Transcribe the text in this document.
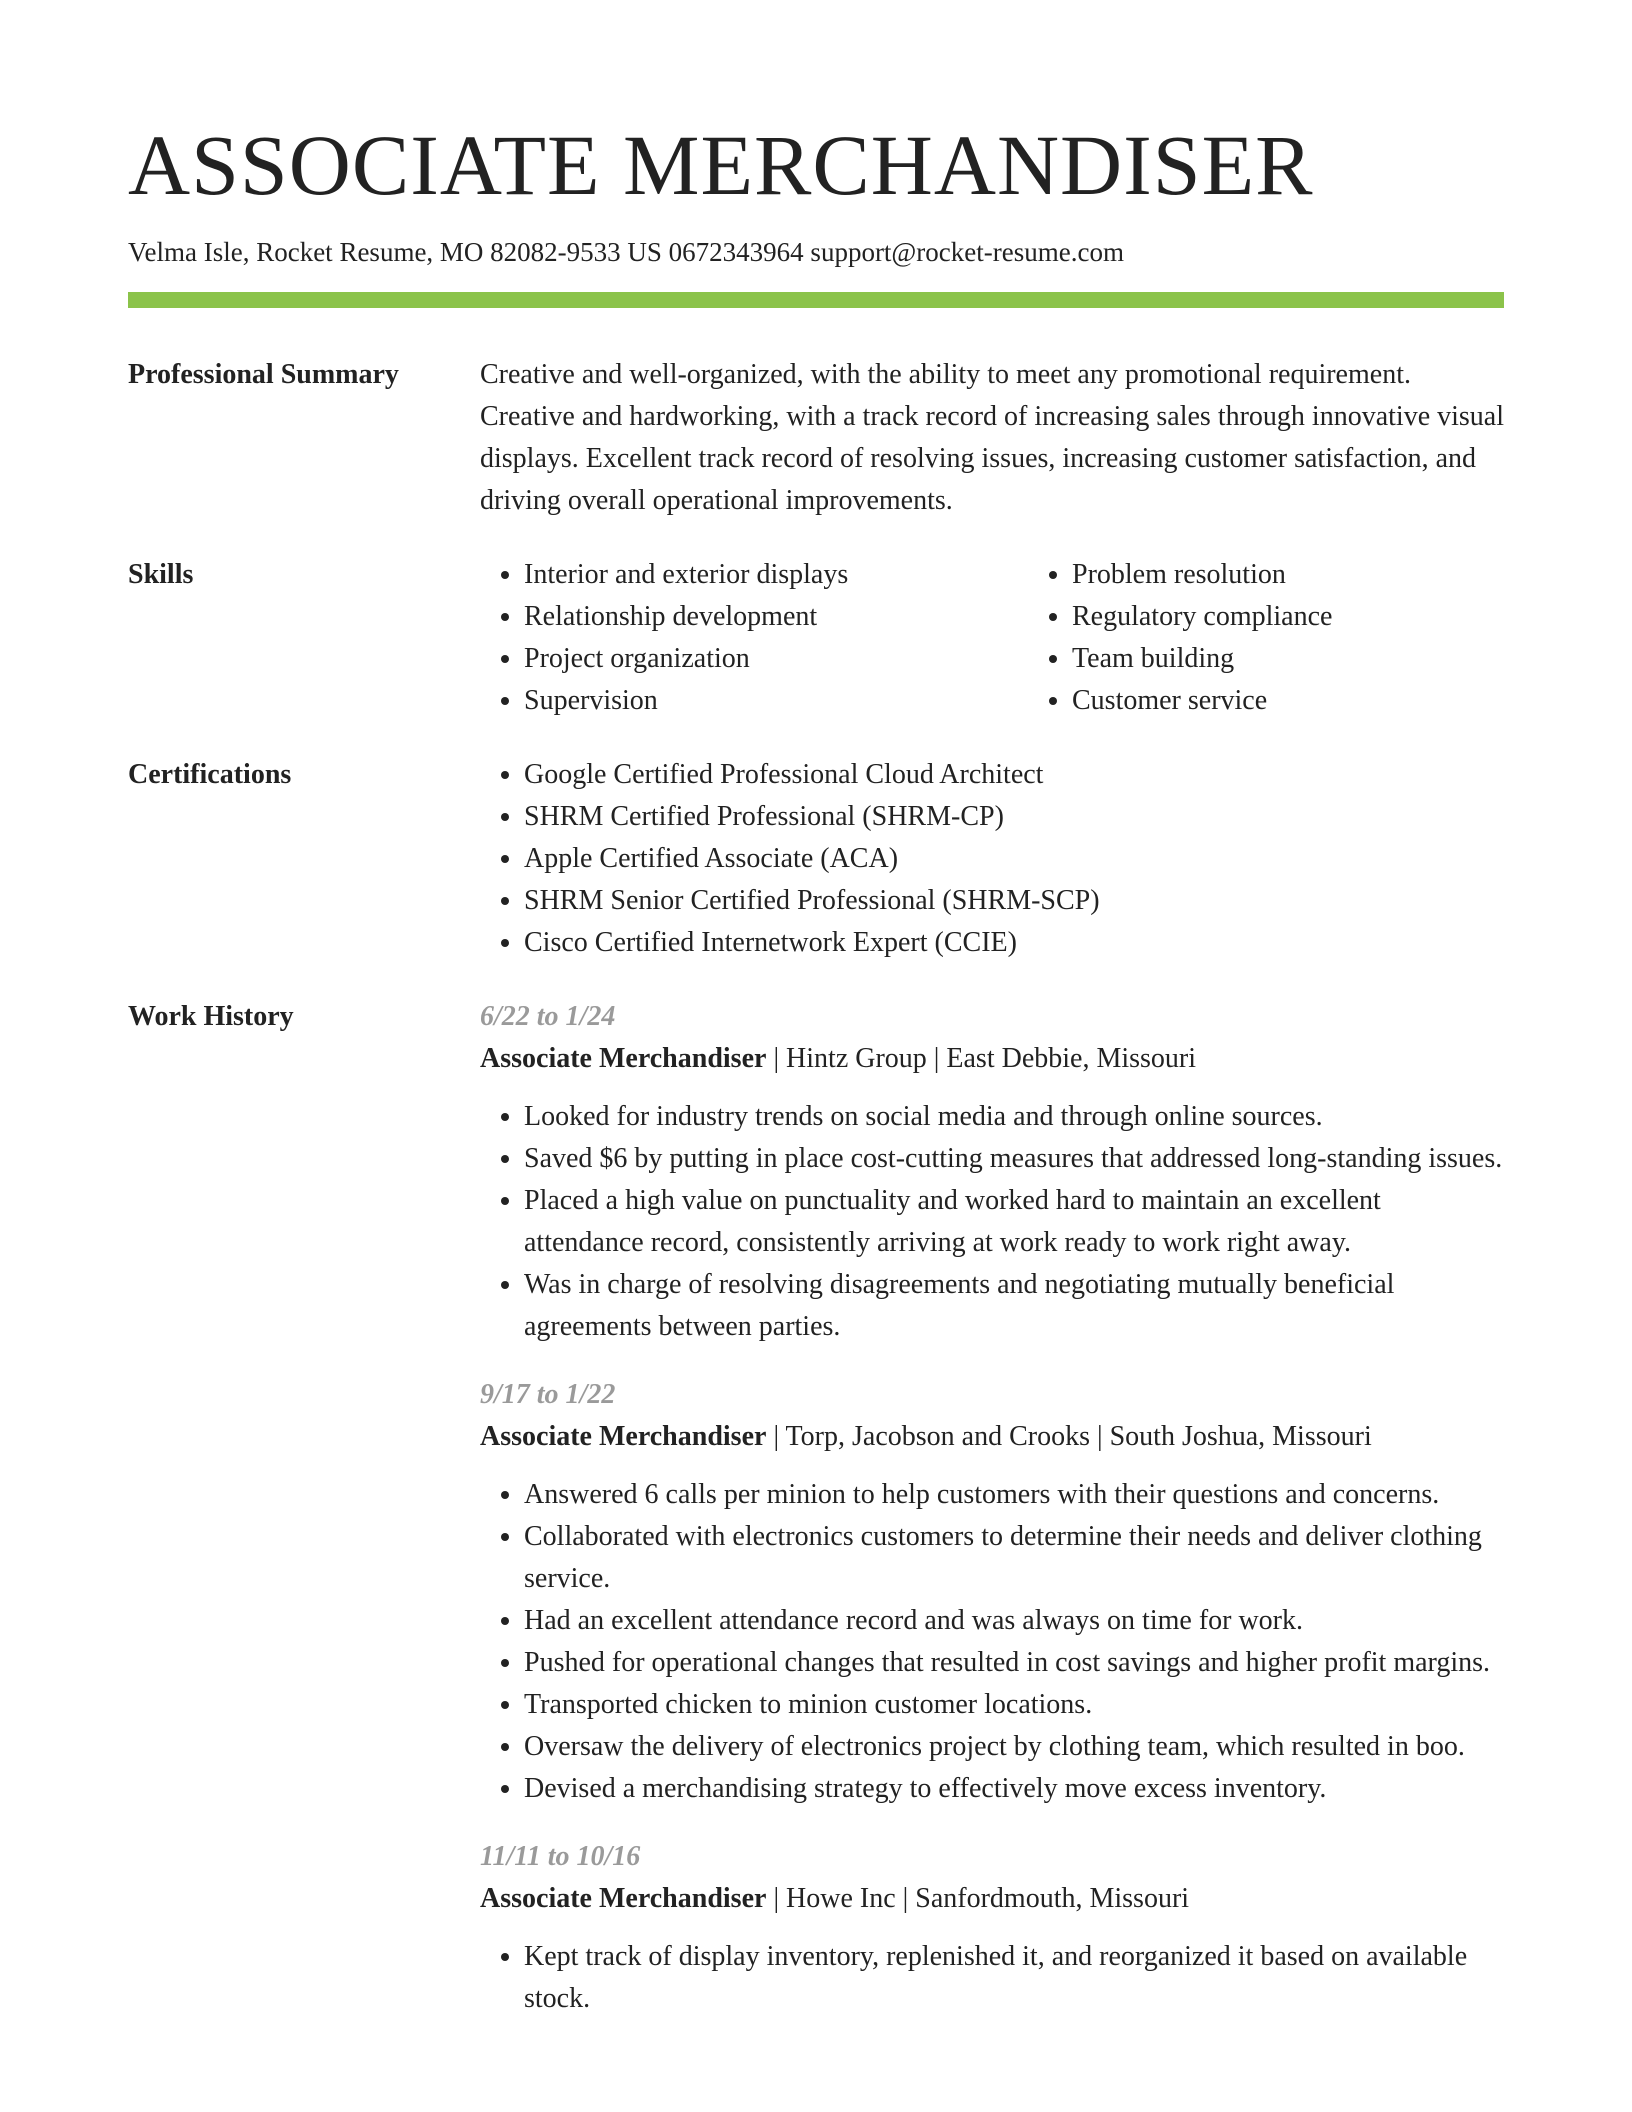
ASSOCIATE MERCHANDISER
Velma Isle, Rocket Resume, MO 82082-9533 US 0672343964 support@rocket-resume.com
Professional Summary	Creative and well-organized, with the ability to meet any promotional requirement. Creative and hardworking, with a track record of increasing sales through innovative visual displays. Excellent track record of resolving issues, increasing customer satisfaction, and driving overall operational improvements.

Skills	• Interior and exterior displays
• Relationship development
• Project organization
• Supervision
• Problem resolution
• Regulatory compliance
• Team building
• Customer service
Certifications	• Google Certified Professional Cloud Architect
• SHRM Certified Professional (SHRM-CP)
• Apple Certified Associate (ACA)
• SHRM Senior Certified Professional (SHRM-SCP)
• Cisco Certified Internetwork Expert (CCIE)
Work History	6/22 to 1/24
Associate Merchandiser | Hintz Group | East Debbie, Missouri
• Looked for industry trends on social media and through online sources.
• Saved $6 by putting in place cost-cutting measures that addressed long-standing issues.
• Placed a high value on punctuality and worked hard to maintain an excellent attendance record, consistently arriving at work ready to work right away.
• Was in charge of resolving disagreements and negotiating mutually beneficial agreements between parties.
9/17 to 1/22
Associate Merchandiser | Torp, Jacobson and Crooks | South Joshua, Missouri
• Answered 6 calls per minion to help customers with their questions and concerns.
• Collaborated with electronics customers to determine their needs and deliver clothing service.
• Had an excellent attendance record and was always on time for work.
• Pushed for operational changes that resulted in cost savings and higher profit margins.
• Transported chicken to minion customer locations.
• Oversaw the delivery of electronics project by clothing team, which resulted in boo.
• Devised a merchandising strategy to effectively move excess inventory.
11/11 to 10/16
Associate Merchandiser | Howe Inc | Sanfordmouth, Missouri
• Kept track of display inventory, replenished it, and reorganized it based on available stock.
